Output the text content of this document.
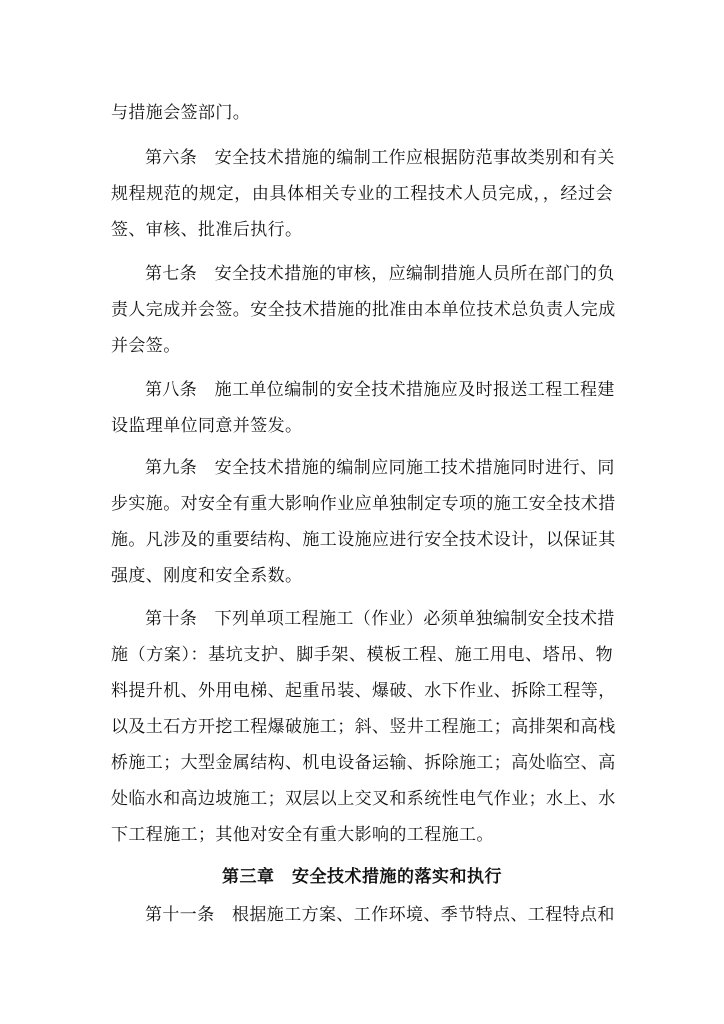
与措施会签部门。
第六条　安全技术措施的编制工作应根据防范事故类别和有关
规程规范的规定，由具体相关专业的工程技术人员完成，，经过会
签、审核、批准后执行。
第七条　安全技术措施的审核，应编制措施人员所在部门的负
责人完成并会签。安全技术措施的批准由本单位技术总负责人完成
并会签。
第八条　施工单位编制的安全技术措施应及时报送工程工程建
设监理单位同意并签发。
第九条　安全技术措施的编制应同施工技术措施同时进行、同
步实施。对安全有重大影响作业应单独制定专项的施工安全技术措
施。凡涉及的重要结构、施工设施应进行安全技术设计，以保证其
强度、刚度和安全系数。
第十条　下列单项工程施工（作业）必须单独编制安全技术措
施（方案）：基坑支护、脚手架、模板工程、施工用电、塔吊、物
料提升机、外用电梯、起重吊装、爆破、水下作业、拆除工程等，
以及土石方开挖工程爆破施工；斜、竖井工程施工；高排架和高栈
桥施工；大型金属结构、机电设备运输、拆除施工；高处临空、高
处临水和高边坡施工；双层以上交叉和系统性电气作业；水上、水
下工程施工；其他对安全有重大影响的工程施工。
第三章　安全技术措施的落实和执行
第十一条　根据施工方案、工作环境、季节特点、工程特点和
